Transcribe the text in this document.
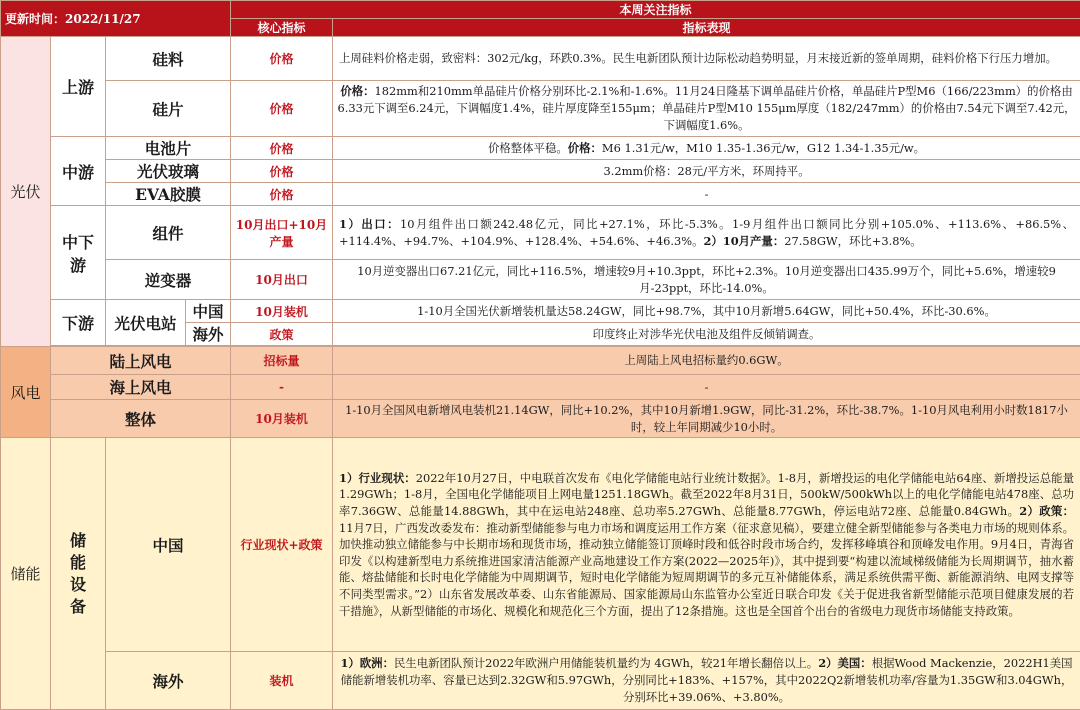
更新时间：2022/11/27				本周关注指标	
				核心指标	指标表现
光伏	上游	硅料		价格	上周硅料价格走弱，致密料：302元/kg，环跌0.3%。民生电新团队预计边际松动趋势明显，月末接近新的签单周期，硅料价格下行压力增加。
		硅片		价格	价格：182mm和210mm单晶硅片价格分别环比-2.1%和-1.6%。11月24日隆基下调单晶硅片价格，单晶硅片P型M6（166/223mm）的价格由6.33元下调至6.24元，下调幅度1.4%，硅片厚度降至155μm；单晶硅片P型M10 155μm厚度（182/247mm）的价格由7.54元下调至7.42元，下调幅度1.6%。
	中游	电池片		价格	价格整体平稳。价格：M6 1.31元/w，M10 1.35-1.36元/w，G12 1.34-1.35元/w。
		光伏玻璃		价格	3.2mm价格：28元/平方米，环周持平。
		EVA胶膜		价格	-
	中下游	组件		10月出口+10月产量	1）出口：10月组件出口额242.48亿元，同比+27.1%，环比-5.3%。1-9月组件出口额同比分别+105.0%、+113.6%、+86.5%、+114.4%、+94.7%、+104.9%、+128.4%、+54.6%、+46.3%。2）10月产量：27.58GW，环比+3.8%。
		逆变器		10月出口	10月逆变器出口67.21亿元，同比+116.5%，增速较9月+10.3ppt，环比+2.3%。10月逆变器出口435.99万个，同比+5.6%，增速较9月-23ppt，环比-14.0%。
	下游	光伏电站	中国	10月装机	1-10月全国光伏新增装机量达58.24GW，同比+98.7%，其中10月新增5.64GW，同比+50.4%，环比-30.6%。
			海外	政策	印度终止对涉华光伏电池及组件反倾销调查。

风电	陆上风电			招标量	上周陆上风电招标量约0.6GW。
	海上风电			-	-
	整体			10月装机	1-10月全国风电新增风电装机21.14GW，同比+10.2%，其中10月新增1.9GW，同比-31.2%，环比-38.7%。1-10月风电利用小时数1817小时，较上年同期减少10小时。
储能	储能设备	中国		行业现状+政策	1）行业现状：2022年10月27日，中电联首次发布《电化学储能电站行业统计数据》。1-8月，新增投运的电化学储能电站64座、新增投运总能量1.29GWh；1-8月，全国电化学储能项目上网电量1251.18GWh。截至2022年8月31日，500kW/500kWh以上的电化学储能电站478座、总功率7.36GW、总能量14.88GWh，其中在运电站248座、总功率5.27GWh、总能量8.77GWh，停运电站72座、总能量0.84GWh。2）政策：11月7日，广西发改委发布：推动新型储能参与电力市场和调度运用工作方案（征求意见稿），要建立健全新型储能参与各类电力市场的规则体系。加快推动独立储能参与中长期市场和现货市场，推动独立储能签订顶峰时段和低谷时段市场合约，发挥移峰填谷和顶峰发电作用。9月4日，青海省印发《以构建新型电力系统推进国家清洁能源产业高地建设工作方案(2022—2025年)》，其中提到要“构建以流域梯级储能为长周期调节，抽水蓄能、熔盐储能和长时电化学储能为中周期调节，短时电化学储能为短周期调节的多元互补储能体系，满足系统供需平衡、新能源消纳、电网支撑等不同类型需求。”2）山东省发展改革委、山东省能源局、国家能源局山东监管办公室近日联合印发《关于促进我省新型储能示范项目健康发展的若干措施》，从新型储能的市场化、规模化和规范化三个方面，提出了12条措施。这也是全国首个出台的省级电力现货市场储能支持政策。
		海外		装机	1）欧洲：民生电新团队预计2022年欧洲户用储能装机量约为 4GWh，较21年增长翻倍以上。2）美国：根据Wood Mackenzie，2022H1美国储能新增装机功率、容量已达到2.32GW和5.97GWh，分别同比+183%、+157%，其中2022Q2新增装机功率/容量为1.35GW和3.04GWh，分别环比+39.06%、+3.80%。
